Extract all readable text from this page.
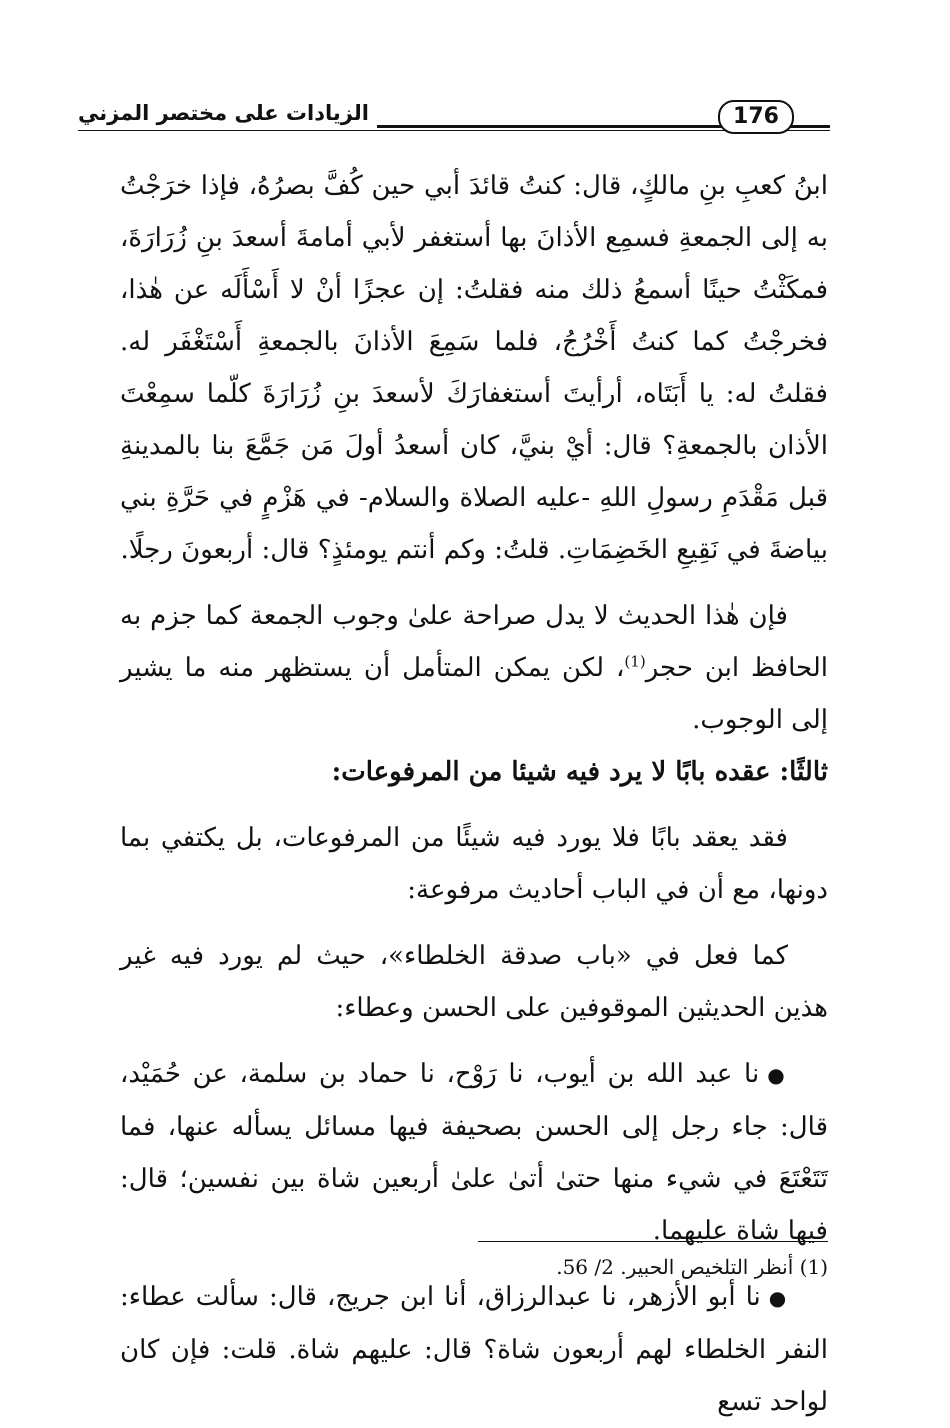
الزيادات على مختصر المزني	176

ابنُ كعبِ بنِ مالكٍ، قال: كنتُ قائدَ أبي حين كُفَّ بصرُهُ، فإذا خرَجْتُ به إلى الجمعةِ فسمِع الأذانَ بها أستغفر لأبي أمامةَ أسعدَ بنِ زُرَارَةَ، فمكَثْتُ حينًا أسمعُ ذلك منه فقلتُ: إن عجزًا أنْ لا أَسْأَلَه عن هٰذا، فخرجْتُ كما كنتُ أَخْرُجُ، فلما سَمِعَ الأذانَ بالجمعةِ أَسْتَغْفَر له. فقلتُ له: يا أَبَتَاه، أرأيتَ أستغفارَكَ لأسعدَ بنِ زُرَارَةَ كلّما سمِعْتَ الأذان بالجمعةِ؟ قال: أيْ بنيَّ، كان أسعدُ أولَ مَن جَمَّعَ بنا بالمدينةِ قبل مَقْدَمِ رسولِ اللهِ -عليه الصلاة والسلام- في هَزْمٍ في حَرَّةِ بني بياضةَ في نَقِيعِ الخَضِمَاتِ. قلتُ: وكم أنتم يومئذٍ؟ قال: أربعونَ رجلًا.

فإن هٰذا الحديث لا يدل صراحة علىٰ وجوب الجمعة كما جزم به الحافظ ابن حجر$^{(1)}$، لكن يمكن المتأمل أن يستظهر منه ما يشير إلى الوجوب.

ثالثًا: عقده بابًا لا يرد فيه شيئا من المرفوعات:

فقد يعقد بابًا فلا يورد فيه شيئًا من المرفوعات، بل يكتفي بما دونها، مع أن في الباب أحاديث مرفوعة:

كما فعل في «باب صدقة الخلطاء»، حيث لم يورد فيه غير هذين الحديثين الموقوفين على الحسن وعطاء:

●نا عبد الله بن أيوب، نا رَوْح، نا حماد بن سلمة، عن حُمَيْد، قال: جاء رجل إلى الحسن بصحيفة فيها مسائل يسأله عنها، فما تَتَعْتَعَ في شيء منها حتىٰ أتىٰ علىٰ أربعين شاة بين نفسين؛ قال: فيها شاة عليهما.

●نا أبو الأزهر، نا عبدالرزاق، أنا ابن جريج، قال: سألت عطاء: النفر الخلطاء لهم أربعون شاة؟ قال: عليهم شاة. قلت: فإن كان لواحد تسع

(1) أنظر التلخيص الحبير. 2/ 56.
